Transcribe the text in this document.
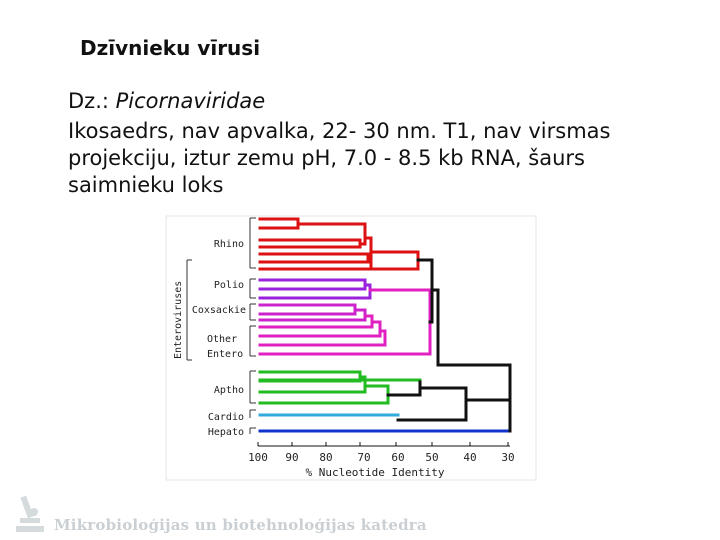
Dzīvnieku vīrusi
Dz.: Picornaviridae
Ikosaedrs, nav apvalka, 22- 30 nm. T1, nav virsmas projekciju, iztur zemu pH, 7.0 - 8.5 kb RNA, šaurs saimnieku loks
Rhino
Polio
Coxsackie
Other
Entero
Aptho
Cardio
Hepato
Enteroviruses
100 90 80 70 60 50 40 30
% Nucleotide Identity
Mikrobioloģijas un biotehnoloģijas katedra
